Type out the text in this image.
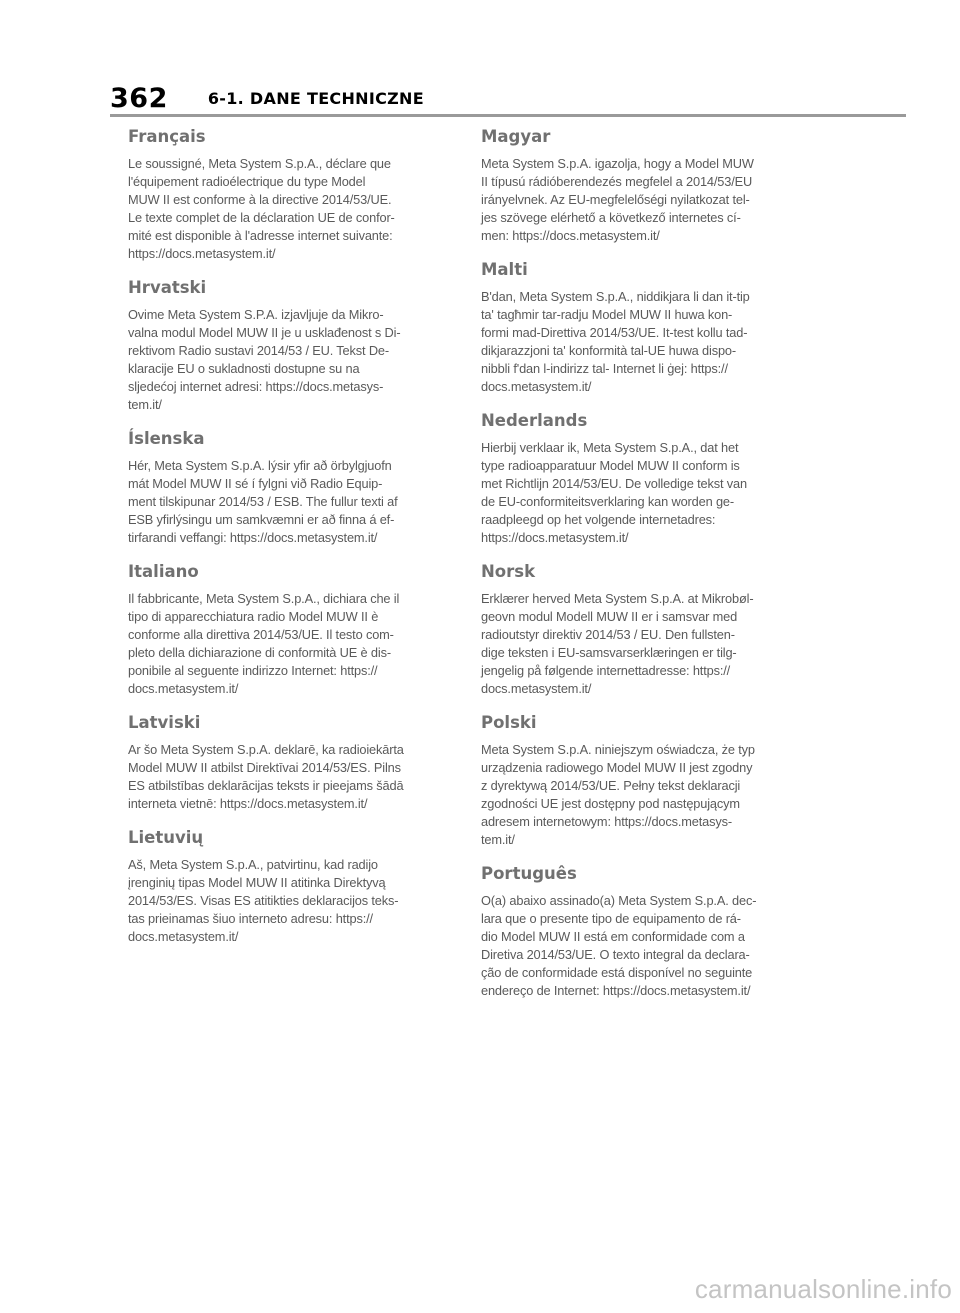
362	6-1. DANE TECHNICZNE
Français

Le soussigné, Meta System S.p.A., déclare que
l'équipement radioélectrique du type Model
MUW II est conforme à la directive 2014/53/UE.
Le texte complet de la déclaration UE de confor-
mité est disponible à l'adresse internet suivante:
https://docs.metasystem.it/

Hrvatski

Ovime Meta System S.P.A. izjavljuje da Mikro-
valna modul Model MUW II je u usklađenost s Di-
rektivom Radio sustavi 2014/53 / EU. Tekst De-
klaracije EU o sukladnosti dostupne su na
sljedećoj internet adresi: https://docs.metasys-
tem.it/

Íslenska

Hér, Meta System S.p.A. lýsir yfir að örbylgjuofn
mát Model MUW II sé í fylgni við Radio Equip-
ment tilskipunar 2014/53 / ESB. The fullur texti af
ESB yfirlýsingu um samkvæmni er að finna á ef-
tirfarandi veffangi: https://docs.metasystem.it/

Italiano

Il fabbricante, Meta System S.p.A., dichiara che il
tipo di apparecchiatura radio Model MUW II è
conforme alla direttiva 2014/53/UE. Il testo com-
pleto della dichiarazione di conformità UE è dis-
ponibile al seguente indirizzo Internet: https://
docs.metasystem.it/

Latviski

Ar šo Meta System S.p.A. deklarē, ka radioiekārta
Model MUW II atbilst Direktīvai 2014/53/ES. Pilns
ES atbilstības deklarācijas teksts ir pieejams šādā
interneta vietnē: https://docs.metasystem.it/

Lietuvių

Aš, Meta System S.p.A., patvirtinu, kad radijo
įrenginių tipas Model MUW II atitinka Direktyvą
2014/53/ES. Visas ES atitikties deklaracijos teks-
tas prieinamas šiuo interneto adresu: https://
docs.metasystem.it/

Magyar

Meta System S.p.A. igazolja, hogy a Model MUW
II típusú rádióberendezés megfelel a 2014/53/EU
irányelvnek. Az EU-megfelelőségi nyilatkozat tel-
jes szövege elérhető a következő internetes cí-
men: https://docs.metasystem.it/

Malti

B'dan, Meta System S.p.A., niddikjara li dan it-tip
ta' tagħmir tar-radju Model MUW II huwa kon-
formi mad-Direttiva 2014/53/UE. It-test kollu tad-
dikjarazzjoni ta' konformità tal-UE huwa dispo-
nibbli f'dan l-indirizz tal- Internet li ġej: https://
docs.metasystem.it/

Nederlands

Hierbij verklaar ik, Meta System S.p.A., dat het
type radioapparatuur Model MUW II conform is
met Richtlijn 2014/53/EU. De volledige tekst van
de EU-conformiteitsverklaring kan worden ge-
raadpleegd op het volgende internetadres:
https://docs.metasystem.it/

Norsk

Erklærer herved Meta System S.p.A. at Mikrobøl-
geovn modul Modell MUW II er i samsvar med
radioutstyr direktiv 2014/53 / EU. Den fullsten-
dige teksten i EU-samsvarserklæringen er tilg-
jengelig på følgende internettadresse: https://
docs.metasystem.it/

Polski

Meta System S.p.A. niniejszym oświadcza, że typ
urządzenia radiowego Model MUW II jest zgodny
z dyrektywą 2014/53/UE. Pełny tekst deklaracji
zgodności UE jest dostępny pod następującym
adresem internetowym: https://docs.metasys-
tem.it/

Português

O(a) abaixo assinado(a) Meta System S.p.A. dec-
lara que o presente tipo de equipamento de rá-
dio Model MUW II está em conformidade com a
Diretiva 2014/53/UE. O texto integral da declara-
ção de conformidade está disponível no seguinte
endereço de Internet: https://docs.metasystem.it/

carmanualsonline.info
